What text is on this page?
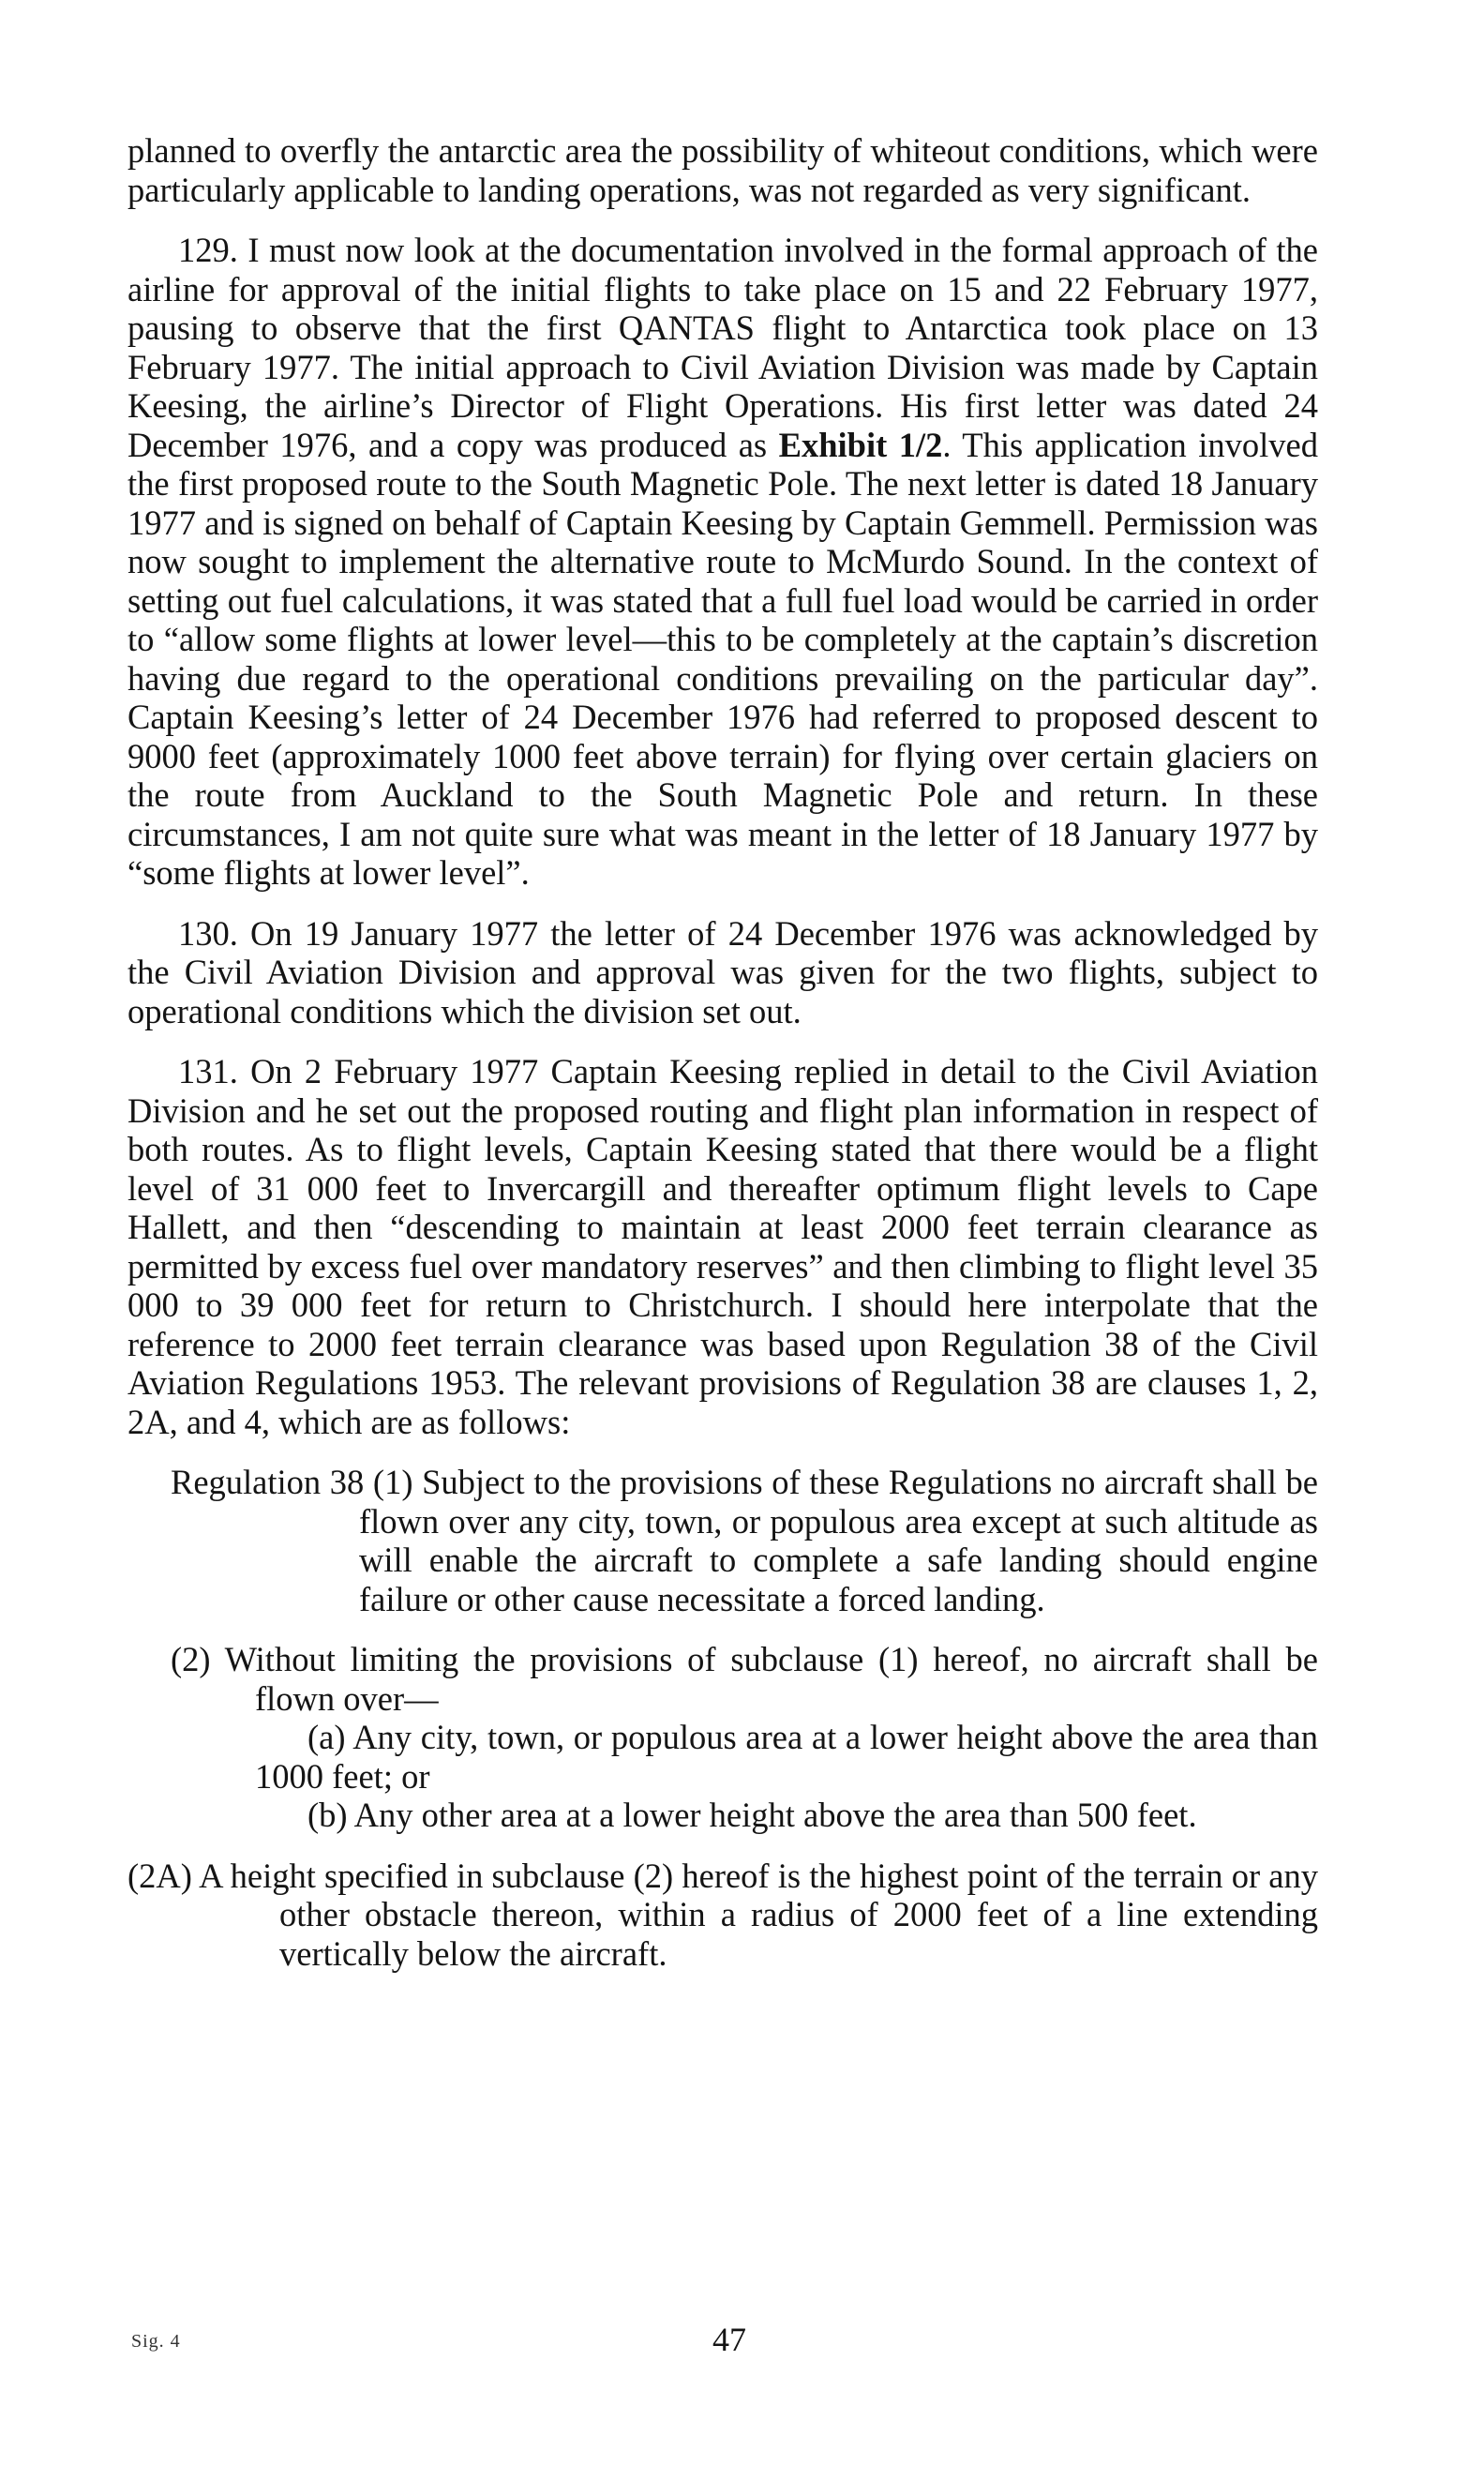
planned to overfly the antarctic area the possibility of whiteout conditions, which were particularly applicable to landing operations, was not regarded as very significant.

129. I must now look at the documentation involved in the formal approach of the airline for approval of the initial flights to take place on 15 and 22 February 1977, pausing to observe that the first QANTAS flight to Antarctica took place on 13 February 1977. The initial approach to Civil Aviation Division was made by Captain Keesing, the airline’s Director of Flight Operations. His first letter was dated 24 December 1976, and a copy was produced as Exhibit 1/2. This application involved the first proposed route to the South Magnetic Pole. The next letter is dated 18 January 1977 and is signed on behalf of Captain Keesing by Captain Gemmell. Permission was now sought to implement the alternative route to McMurdo Sound. In the context of setting out fuel calculations, it was stated that a full fuel load would be carried in order to “allow some flights at lower level—this to be completely at the captain’s discretion having due regard to the operational conditions prevailing on the particular day”. Captain Keesing’s letter of 24 December 1976 had referred to proposed descent to 9000 feet (approximately 1000 feet above terrain) for flying over certain glaciers on the route from Auckland to the South Magnetic Pole and return. In these circumstances, I am not quite sure what was meant in the letter of 18 January 1977 by “some flights at lower level”.

130. On 19 January 1977 the letter of 24 December 1976 was acknowledged by the Civil Aviation Division and approval was given for the two flights, subject to operational conditions which the division set out.

131. On 2 February 1977 Captain Keesing replied in detail to the Civil Aviation Division and he set out the proposed routing and flight plan information in respect of both routes. As to flight levels, Captain Keesing stated that there would be a flight level of 31 000 feet to Invercargill and thereafter optimum flight levels to Cape Hallett, and then “descending to maintain at least 2000 feet terrain clearance as permitted by excess fuel over mandatory reserves” and then climbing to flight level 35 000 to 39 000 feet for return to Christchurch. I should here interpolate that the reference to 2000 feet terrain clearance was based upon Regulation 38 of the Civil Aviation Regulations 1953. The relevant provisions of Regulation 38 are clauses 1, 2, 2A, and 4, which are as follows:

Regulation 38 (1) Subject to the provisions of these Regulations no aircraft shall be flown over any city, town, or populous area except at such altitude as will enable the aircraft to complete a safe landing should engine failure or other cause necessitate a forced landing.

(2) Without limiting the provisions of subclause (1) hereof, no aircraft shall be flown over—

(a) Any city, town, or populous area at a lower height above the area than 1000 feet; or

(b) Any other area at a lower height above the area than 500 feet.

(2A) A height specified in subclause (2) hereof is the highest point of the terrain or any other obstacle thereon, within a radius of 2000 feet of a line extending vertically below the aircraft.

Sig. 4	47
